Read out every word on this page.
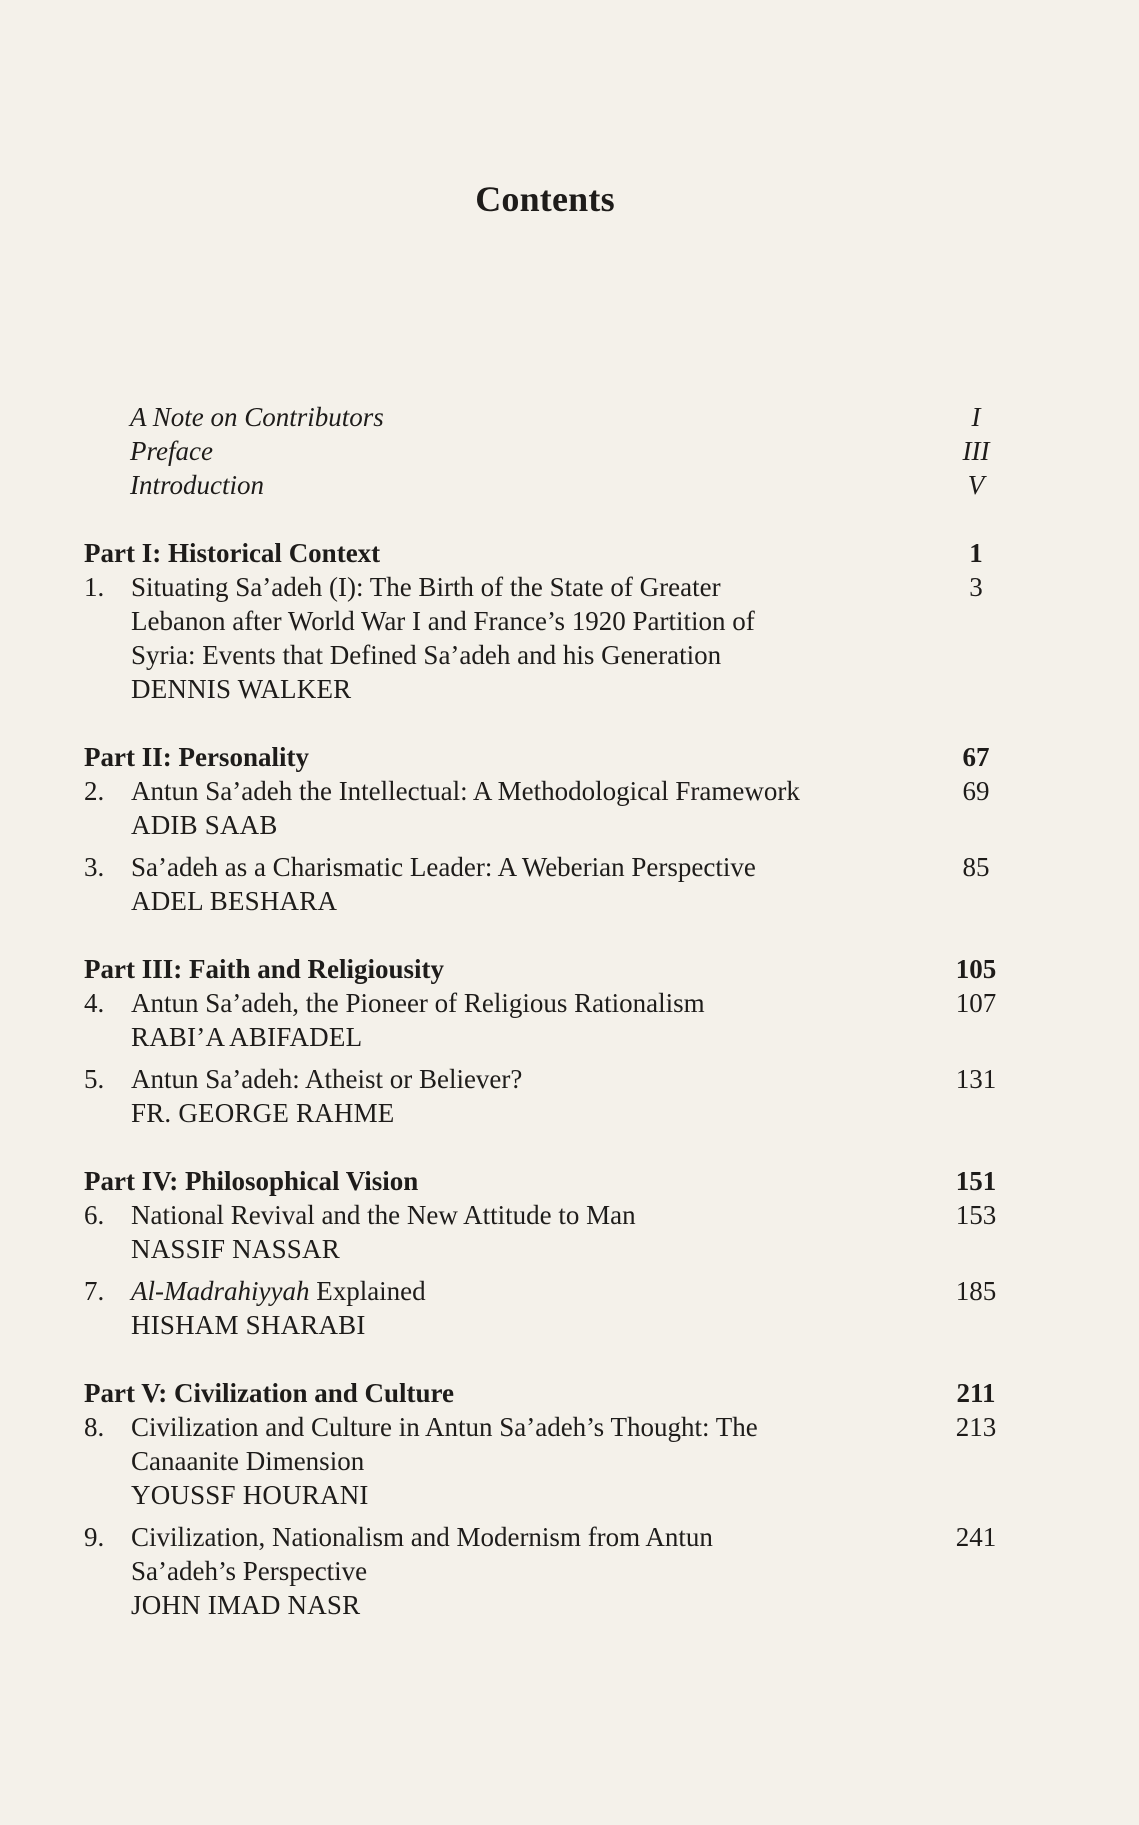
Contents
A Note on Contributors	I
Preface	III
Introduction	V
Part I: Historical Context	1
1. Situating Sa’adeh (I): The Birth of the State of Greater	3
Lebanon after World War I and France’s 1920 Partition of
Syria: Events that Defined Sa’adeh and his Generation
DENNIS WALKER
Part II: Personality	67
2. Antun Sa’adeh the Intellectual: A Methodological Framework	69
ADIB SAAB
3. Sa’adeh as a Charismatic Leader: A Weberian Perspective	85
ADEL BESHARA
Part III: Faith and Religiousity	105
4. Antun Sa’adeh, the Pioneer of Religious Rationalism	107
RABI’A ABIFADEL
5. Antun Sa’adeh: Atheist or Believer?	131
FR. GEORGE RAHME
Part IV: Philosophical Vision	151
6. National Revival and the New Attitude to Man	153
NASSIF NASSAR
7. Al-Madrahiyyah Explained	185
HISHAM SHARABI
Part V: Civilization and Culture	211
8. Civilization and Culture in Antun Sa’adeh’s Thought: The	213
Canaanite Dimension
YOUSSF HOURANI
9. Civilization, Nationalism and Modernism from Antun	241
Sa’adeh’s Perspective
JOHN IMAD NASR
